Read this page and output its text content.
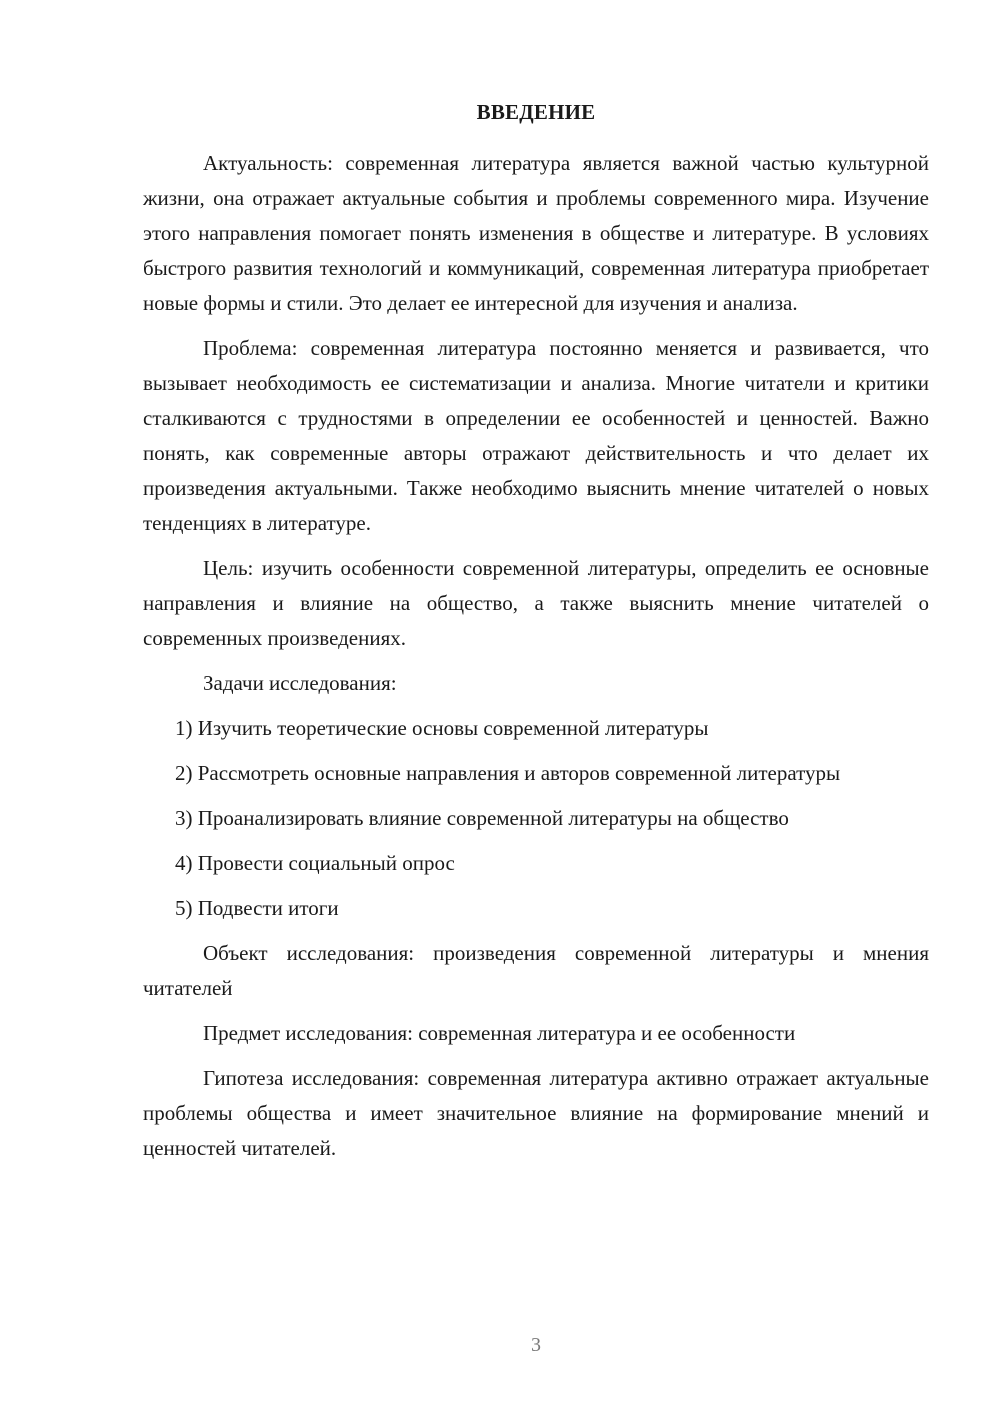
ВВЕДЕНИЕ

Актуальность: современная литература является важной частью культурной жизни, она отражает актуальные события и проблемы современного мира. Изучение этого направления помогает понять изменения в обществе и литературе. В условиях быстрого развития технологий и коммуникаций, современная литература приобретает новые формы и стили. Это делает ее интересной для изучения и анализа.

Проблема: современная литература постоянно меняется и развивается, что вызывает необходимость ее систематизации и анализа. Многие читатели и критики сталкиваются с трудностями в определении ее особенностей и ценностей. Важно понять, как современные авторы отражают действительность и что делает их произведения актуальными. Также необходимо выяснить мнение читателей о новых тенденциях в литературе.

Цель: изучить особенности современной литературы, определить ее основные направления и влияние на общество, а также выяснить мнение читателей о современных произведениях.

Задачи исследования:

1) Изучить теоретические основы современной литературы

2) Рассмотреть основные направления и авторов современной литературы

3) Проанализировать влияние современной литературы на общество

4) Провести социальный опрос

5) Подвести итоги

Объект исследования: произведения современной литературы и мнения читателей

Предмет исследования: современная литература и ее особенности

Гипотеза исследования: современная литература активно отражает актуальные проблемы общества и имеет значительное влияние на формирование мнений и ценностей читателей.

3
